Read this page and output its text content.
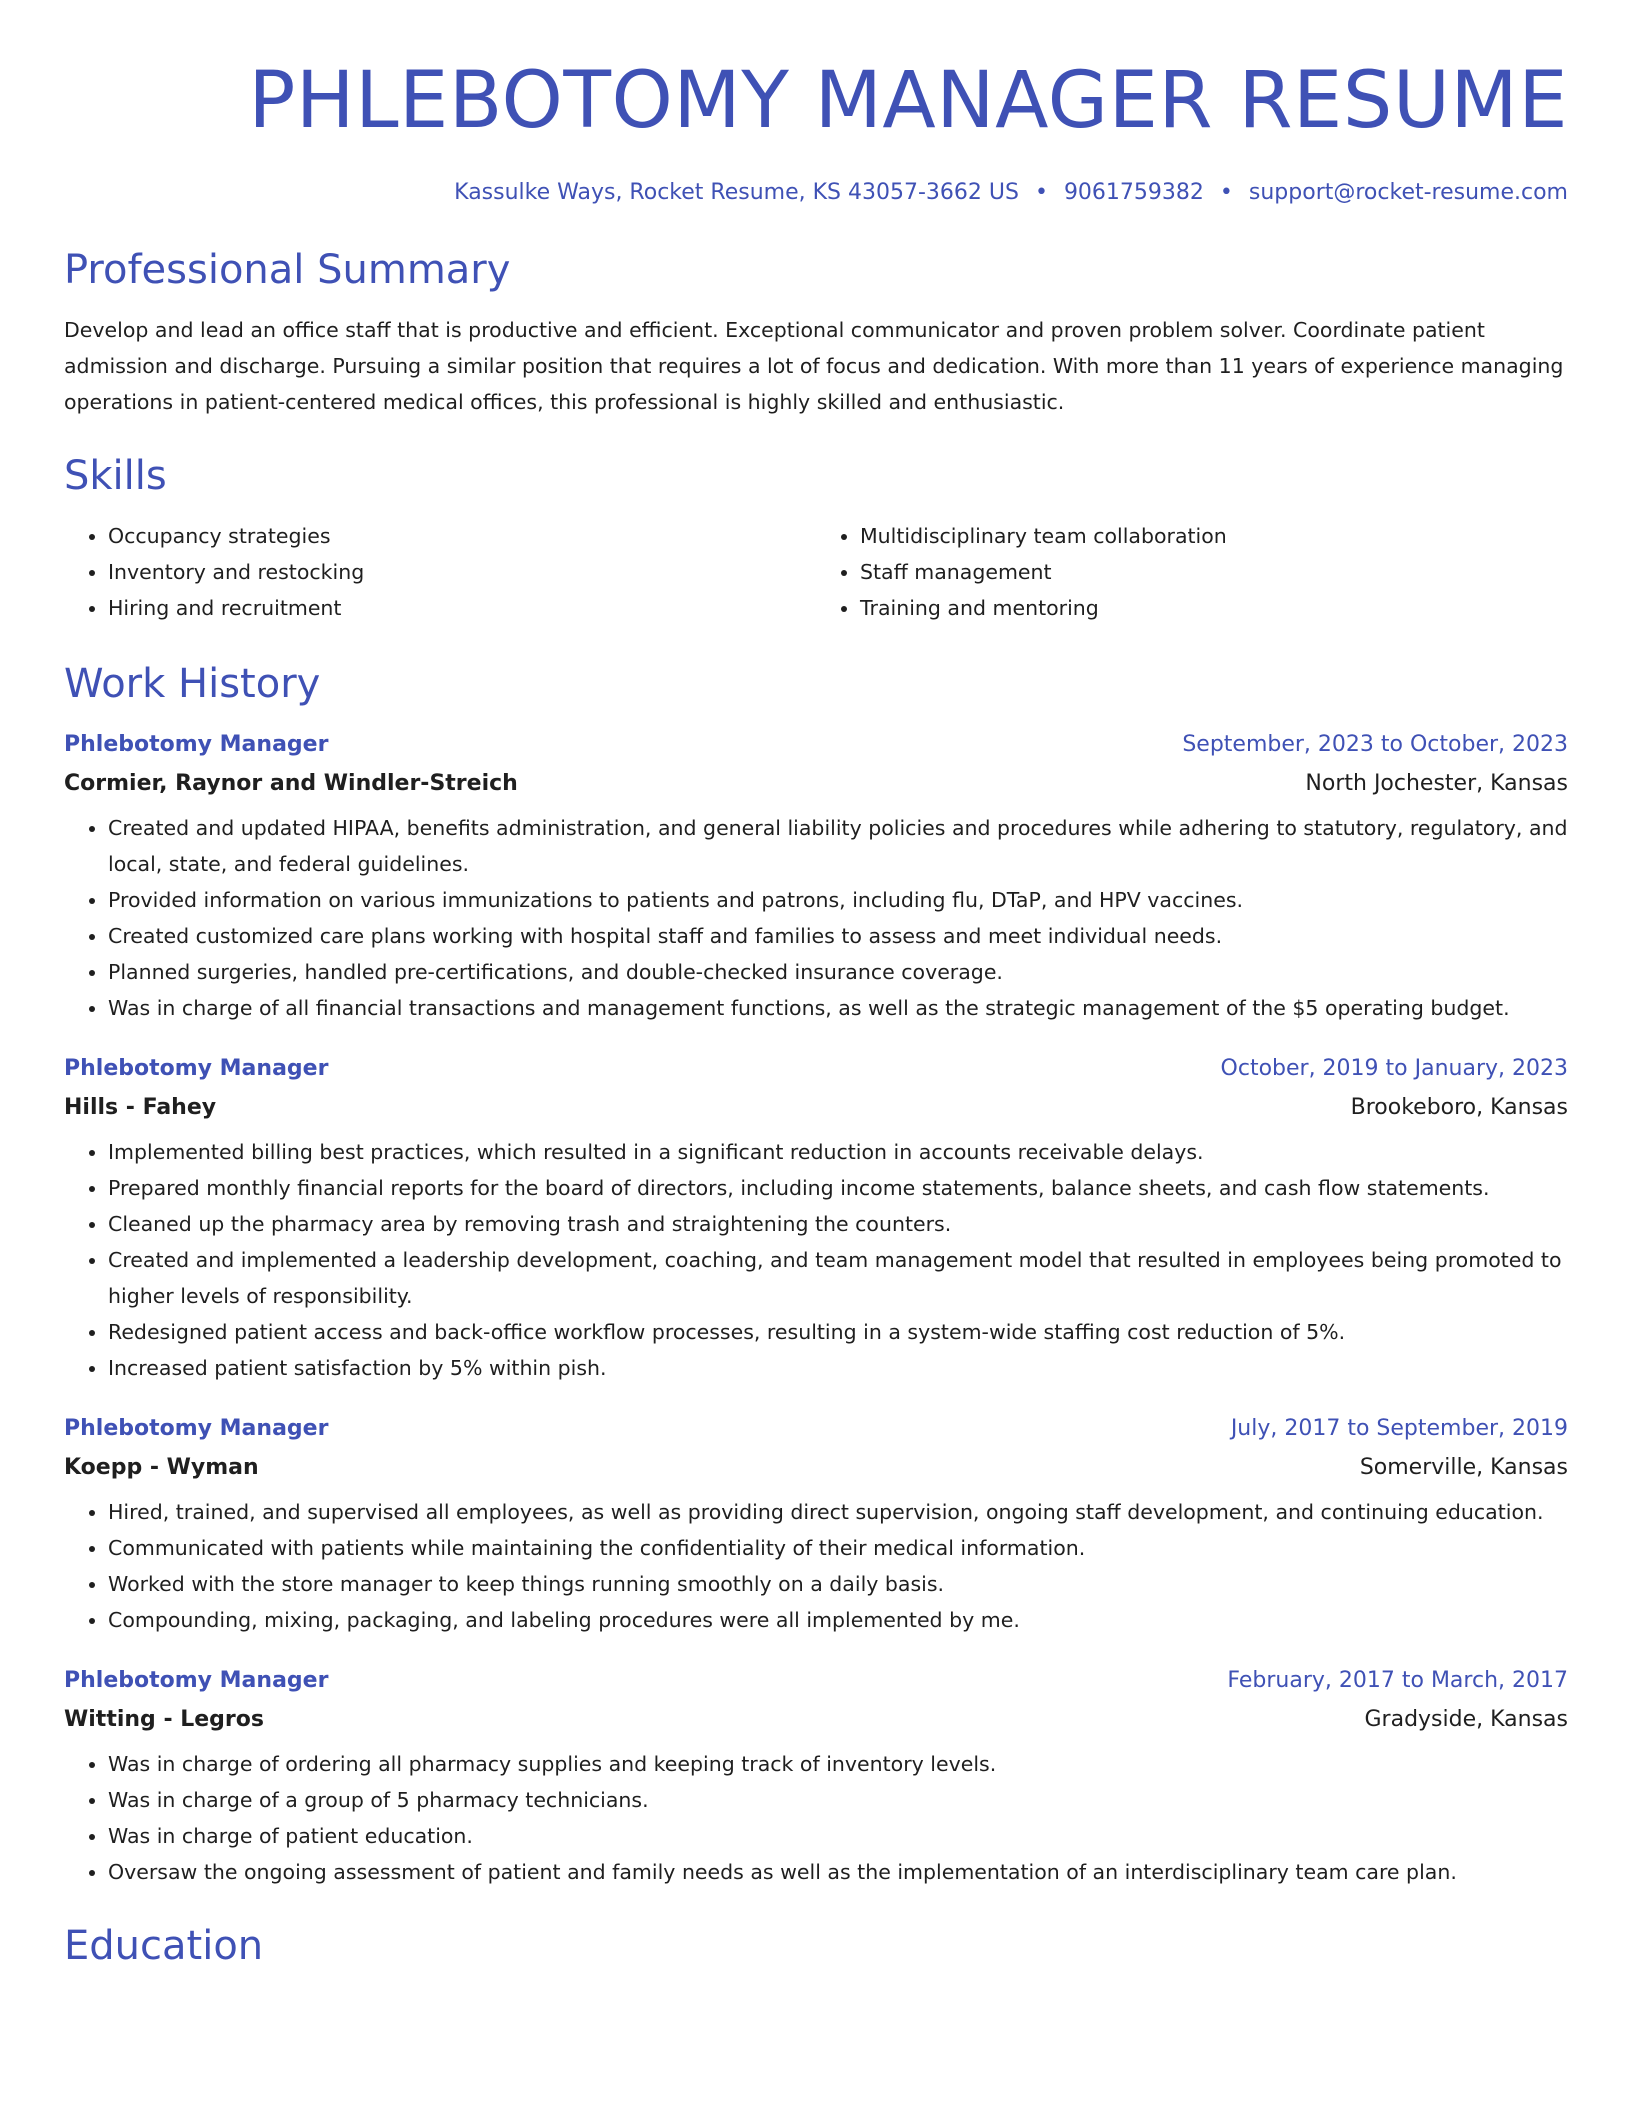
PHLEBOTOMY MANAGER RESUME
Kassulke Ways, Rocket Resume, KS 43057-3662 US • 9061759382 • support@rocket-resume.com
Professional Summary

Develop and lead an office staff that is productive and efficient. Exceptional communicator and proven problem solver. Coordinate patient admission and discharge. Pursuing a similar position that requires a lot of focus and dedication. With more than 11 years of experience managing operations in patient-centered medical offices, this professional is highly skilled and enthusiastic.

Skills
• Occupancy strategies
• Inventory and restocking
• Hiring and recruitment
• Multidisciplinary team collaboration
• Staff management
• Training and mentoring
Work History
Phlebotomy Manager	September, 2023 to October, 2023
Cormier, Raynor and Windler-Streich	North Jochester, Kansas
• Created and updated HIPAA, benefits administration, and general liability policies and procedures while adhering to statutory, regulatory, and local, state, and federal guidelines.
• Provided information on various immunizations to patients and patrons, including flu, DTaP, and HPV vaccines.
• Created customized care plans working with hospital staff and families to assess and meet individual needs.
• Planned surgeries, handled pre-certifications, and double-checked insurance coverage.
• Was in charge of all financial transactions and management functions, as well as the strategic management of the $5 operating budget.
Phlebotomy Manager	October, 2019 to January, 2023
Hills - Fahey	Brookeboro, Kansas
• Implemented billing best practices, which resulted in a significant reduction in accounts receivable delays.
• Prepared monthly financial reports for the board of directors, including income statements, balance sheets, and cash flow statements.
• Cleaned up the pharmacy area by removing trash and straightening the counters.
• Created and implemented a leadership development, coaching, and team management model that resulted in employees being promoted to higher levels of responsibility.
• Redesigned patient access and back-office workflow processes, resulting in a system-wide staffing cost reduction of 5%.
• Increased patient satisfaction by 5% within pish.
Phlebotomy Manager	July, 2017 to September, 2019
Koepp - Wyman	Somerville, Kansas
• Hired, trained, and supervised all employees, as well as providing direct supervision, ongoing staff development, and continuing education.
• Communicated with patients while maintaining the confidentiality of their medical information.
• Worked with the store manager to keep things running smoothly on a daily basis.
• Compounding, mixing, packaging, and labeling procedures were all implemented by me.
Phlebotomy Manager	February, 2017 to March, 2017
Witting - Legros	Gradyside, Kansas
• Was in charge of ordering all pharmacy supplies and keeping track of inventory levels.
• Was in charge of a group of 5 pharmacy technicians.
• Was in charge of patient education.
• Oversaw the ongoing assessment of patient and family needs as well as the implementation of an interdisciplinary team care plan.
Education
